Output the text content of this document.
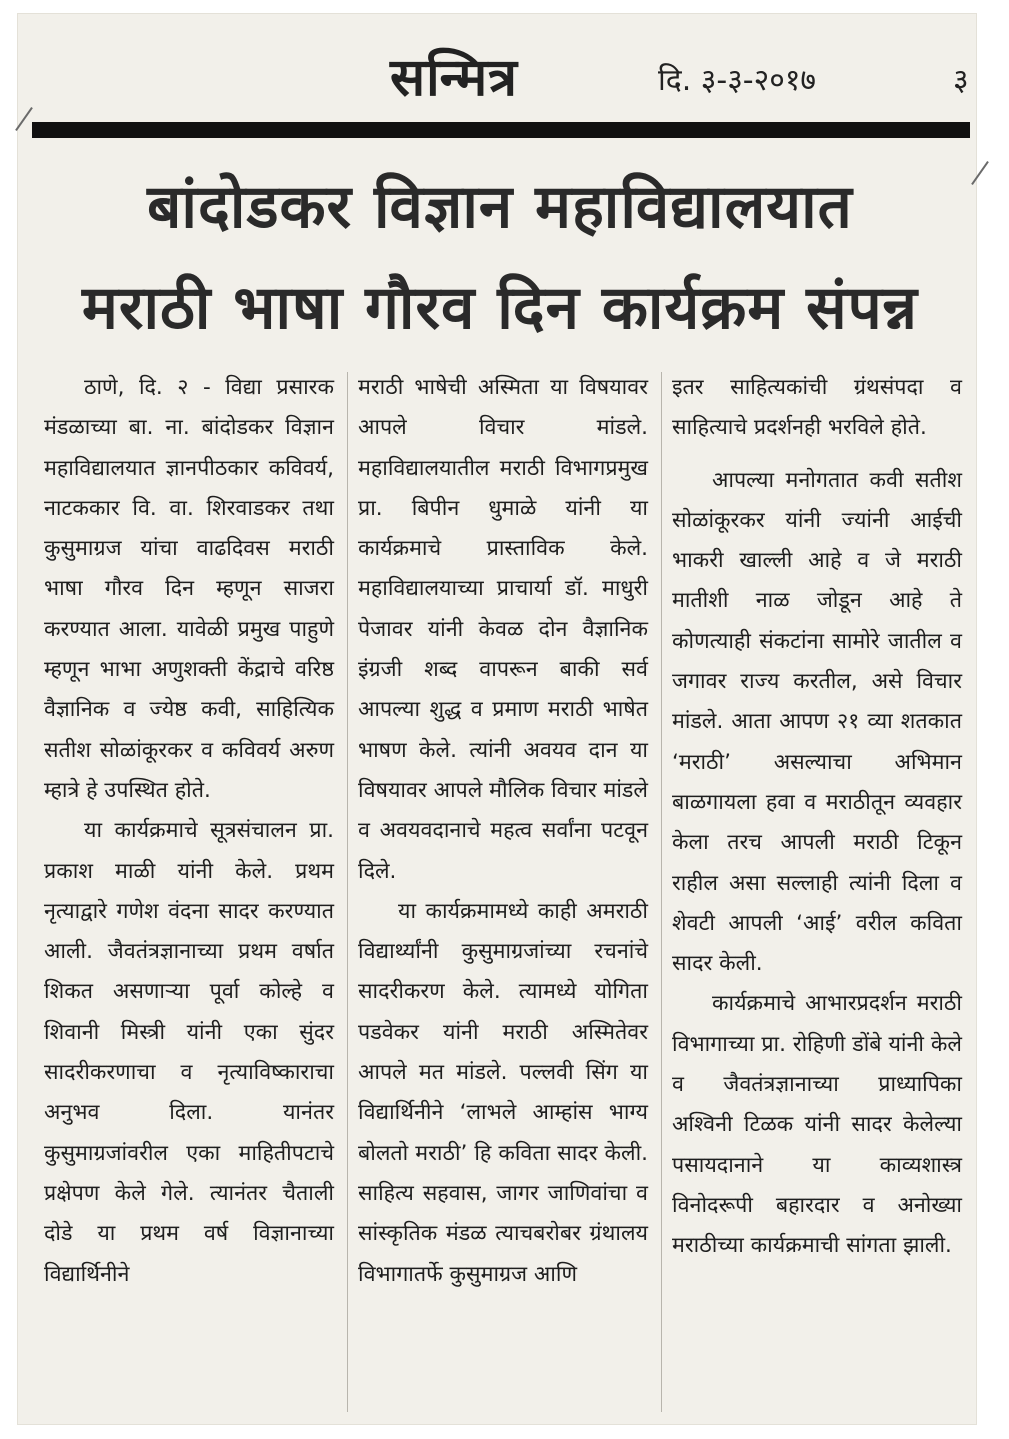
सन्मित्र	दि. ३-३-२०१७	३
बांदोडकर विज्ञान महाविद्यालयात
मराठी भाषा गौरव दिन कार्यक्रम संपन्न

ठाणे, दि. २ - विद्या प्रसारक मंडळाच्या बा. ना. बांदोडकर विज्ञान महाविद्यालयात ज्ञानपीठकार कविवर्य, नाटककार वि. वा. शिरवाडकर तथा कुसुमाग्रज यांचा वाढदिवस मराठी भाषा गौरव दिन म्हणून साजरा करण्यात आला. यावेळी प्रमुख पाहुणे म्हणून भाभा अणुशक्ती केंद्राचे वरिष्ठ वैज्ञानिक व ज्येष्ठ कवी, साहित्यिक सतीश सोळांकूरकर व कविवर्य अरुण म्हात्रे हे उपस्थित होते.

या कार्यक्रमाचे सूत्रसंचालन प्रा. प्रकाश माळी यांनी केले. प्रथम नृत्याद्वारे गणेश वंदना सादर करण्यात आली. जैवतंत्रज्ञानाच्या प्रथम वर्षात शिकत असणाऱ्या पूर्वा कोल्हे व शिवानी मिस्त्री यांनी एका सुंदर सादरीकरणाचा व नृत्याविष्काराचा अनुभव दिला. यानंतर कुसुमाग्रजांवरील एका माहितीपटाचे प्रक्षेपण केले गेले. त्यानंतर चैताली दोडे या प्रथम वर्ष विज्ञानाच्या विद्यार्थिनीने

मराठी भाषेची अस्मिता या विषयावर आपले विचार मांडले. महाविद्यालयातील मराठी विभागप्रमुख प्रा. बिपीन धुमाळे यांनी या कार्यक्रमाचे प्रास्ताविक केले. महाविद्यालयाच्या प्राचार्या डॉ. माधुरी पेजावर यांनी केवळ दोन वैज्ञानिक इंग्रजी शब्द वापरून बाकी सर्व आपल्या शुद्ध व प्रमाण मराठी भाषेत भाषण केले. त्यांनी अवयव दान या विषयावर आपले मौलिक विचार मांडले व अवयवदानाचे महत्व सर्वांना पटवून दिले.

या कार्यक्रमामध्ये काही अमराठी विद्यार्थ्यांनी कुसुमाग्रजांच्या रचनांचे सादरीकरण केले. त्यामध्ये योगिता पडवेकर यांनी मराठी अस्मितेवर आपले मत मांडले. पल्लवी सिंग या विद्यार्थिनीने ‘लाभले आम्हांस भाग्य बोलतो मराठी’ हि कविता सादर केली. साहित्य सहवास, जागर जाणिवांचा व सांस्कृतिक मंडळ त्याचबरोबर ग्रंथालय विभागातर्फे कुसुमाग्रज आणि

इतर साहित्यकांची ग्रंथसंपदा व साहित्याचे प्रदर्शनही भरविले होते.

आपल्या मनोगतात कवी सतीश सोळांकूरकर यांनी ज्यांनी आईची भाकरी खाल्ली आहे व जे मराठी मातीशी नाळ जोडून आहे ते कोणत्याही संकटांना सामोरे जातील व जगावर राज्य करतील, असे विचार मांडले. आता आपण २१ व्या शतकात ‘मराठी’ असल्याचा अभिमान बाळगायला हवा व मराठीतून व्यवहार केला तरच आपली मराठी टिकून राहील असा सल्लाही त्यांनी दिला व शेवटी आपली ‘आई’ वरील कविता सादर केली.

कार्यक्रमाचे आभारप्रदर्शन मराठी विभागाच्या प्रा. रोहिणी डोंबे यांनी केले व जैवतंत्रज्ञानाच्या प्राध्यापिका अश्विनी टिळक यांनी सादर केलेल्या पसायदानाने या काव्यशास्त्र विनोदरूपी बहारदार व अनोख्या मराठीच्या कार्यक्रमाची सांगता झाली.
